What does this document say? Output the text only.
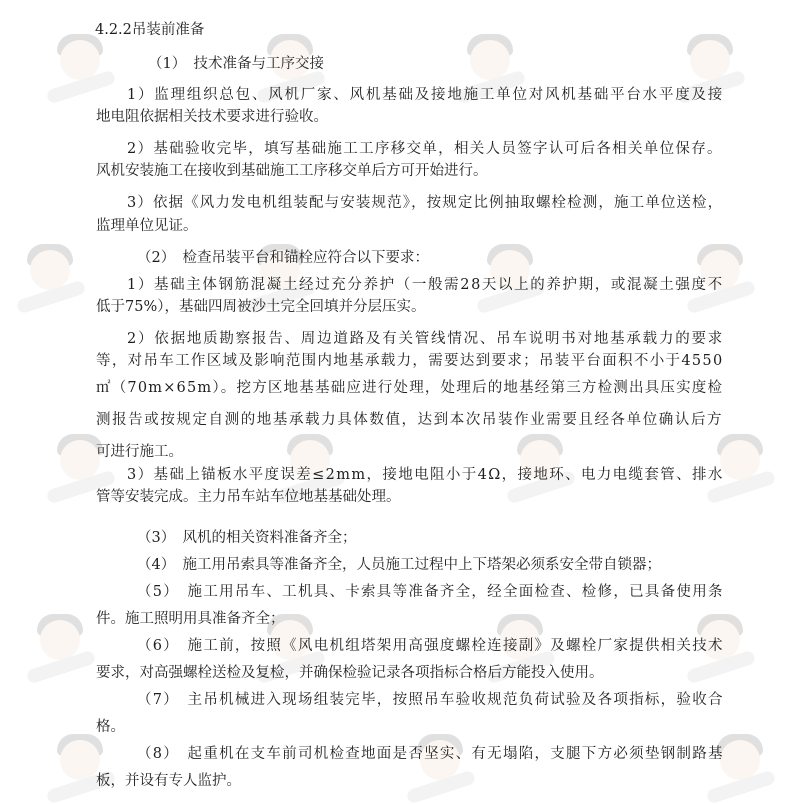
4.2.2吊装前准备
（1）　技术准备与工序交接
1）监理组织总包、风机厂家、风机基础及接地施工单位对风机基础平台水平度及接
地电阻依据相关技术要求进行验收。
2）基础验收完毕，填写基础施工工序移交单，相关人员签字认可后各相关单位保存。
风机安装施工在接收到基础施工工序移交单后方可开始进行。
3）依据《风力发电机组装配与安装规范》，按规定比例抽取螺栓检测，施工单位送检，
监理单位见证。
（2）　检查吊装平台和锚栓应符合以下要求：
1）基础主体钢筋混凝土经过充分养护（一般需28天以上的养护期，或混凝土强度不
低于75%），基础四周被沙土完全回填并分层压实。
2）依据地质勘察报告、周边道路及有关管线情况、吊车说明书对地基承载力的要求
等，对吊车工作区域及影响范围内地基承载力，需要达到要求；吊装平台面积不小于4550
㎡（70m×65m）。挖方区地基基础应进行处理，处理后的地基经第三方检测出具压实度检
测报告或按规定自测的地基承载力具体数值，达到本次吊装作业需要且经各单位确认后方
可进行施工。
3）基础上锚板水平度误差≤2mm，接地电阻小于4Ω，接地环、电力电缆套管、排水
管等安装完成。主力吊车站车位地基基础处理。
（3）　风机的相关资料准备齐全；
（4）　施工用吊索具等准备齐全，人员施工过程中上下塔架必须系安全带自锁器；
（5）　施工用吊车、工机具、卡索具等准备齐全，经全面检查、检修，已具备使用条
件。施工照明用具准备齐全；
（6）　施工前，按照《风电机组塔架用高强度螺栓连接副》及螺栓厂家提供相关技术
要求，对高强螺栓送检及复检，并确保检验记录各项指标合格后方能投入使用。
（7）　主吊机械进入现场组装完毕，按照吊车验收规范负荷试验及各项指标，验收合
格。
（8）　起重机在支车前司机检查地面是否坚实、有无塌陷，支腿下方必须垫钢制路基
板，并设有专人监护。
